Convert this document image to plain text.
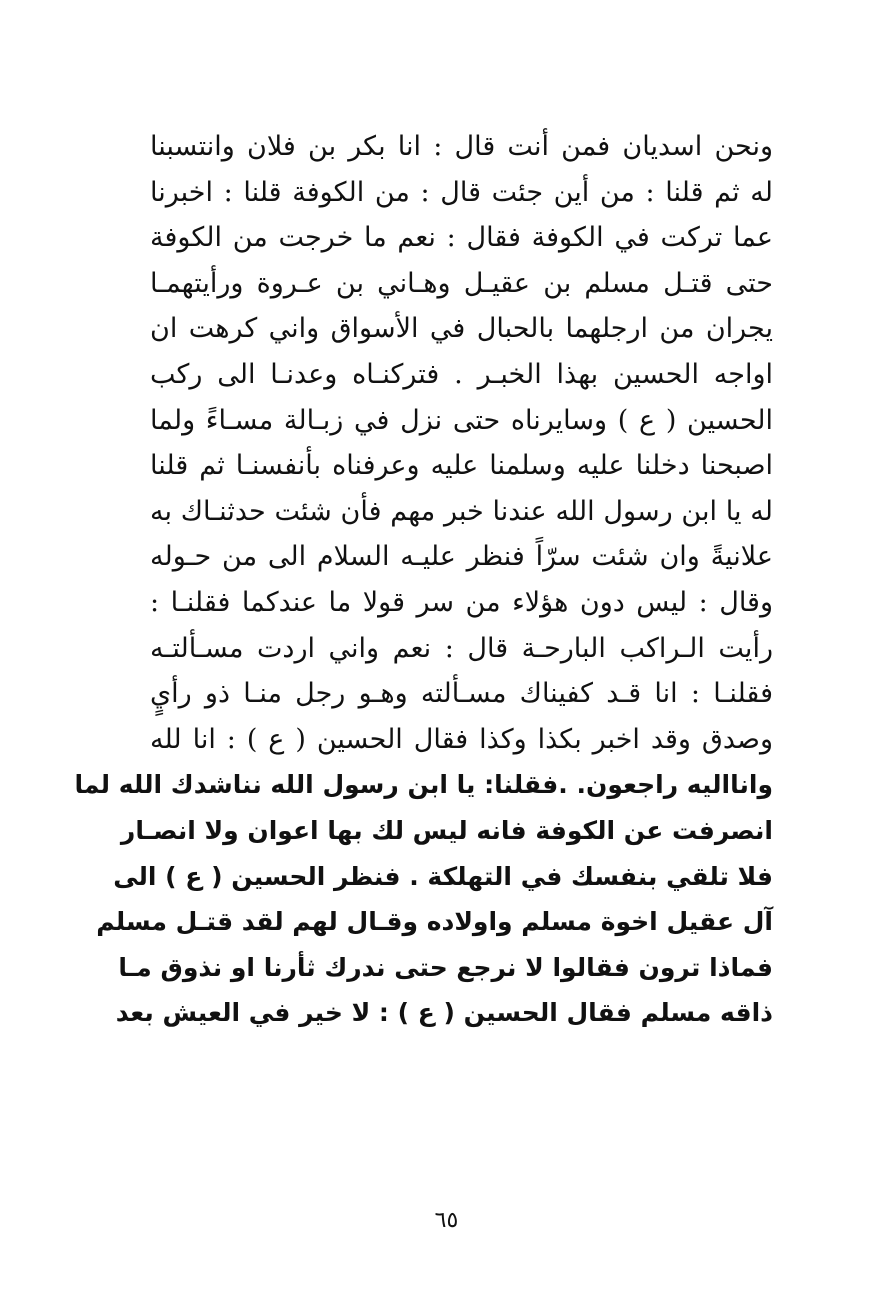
ونحن اسديان فمن أنت قال : انا بكر بن فلان وانتسبنا
له ثم قلنا : من أين جئت قال : من الكوفة قلنا : اخبرنا
عما تركت في الكوفة فقال : نعم ما خرجت من الكوفة
حتى قتـل مسلم بن عقيـل وهـاني بن عـروة ورأيتهمـا
يجران من ارجلهما بالحبال في الأسواق واني كرهت ان
اواجه الحسين بهذا الخبـر . فتركنـاه وعدنـا الى ركب
الحسين ( ع ) وسايرناه حتى نزل في زبـالة مسـاءً ولما
اصبحنا دخلنا عليه وسلمنا عليه وعرفناه بأنفسنـا ثم قلنا
له يا ابن رسول الله عندنا خبر مهم فأن شئت حدثنـاك به
علانيةً وان شئت سرّاً فنظر عليـه السلام الى من حـوله
وقال : ليس دون هؤلاء من سر قولا ما عندكما فقلنـا :
رأيت الـراكب البارحـة قال : نعم واني اردت مسـألتـه
فقلنـا : انا قـد كفيناك مسـألته وهـو رجل منـا ذو رأيٍ
وصدق وقد اخبر بكذا وكذا فقال الحسين ( ع ) : انا لله
واناالیه راجعون. .فقلنا: يا ابن رسول الله نناشدك الله لما
انصرفت عن الكوفة فانه ليس لك بها اعوان ولا انصـار
فلا تلقي بنفسك في التهلكة . فنظر الحسين ( ع ) الى
آل عقيل اخوة مسلم واولاده وقـال لهم لقد قتـل مسلم
فماذا ترون فقالوا لا نرجع حتى ندرك ثأرنا او نذوق مـا
ذاقه مسلم فقال الحسين ( ع ) : لا خير في العيش بعد
٦٥
